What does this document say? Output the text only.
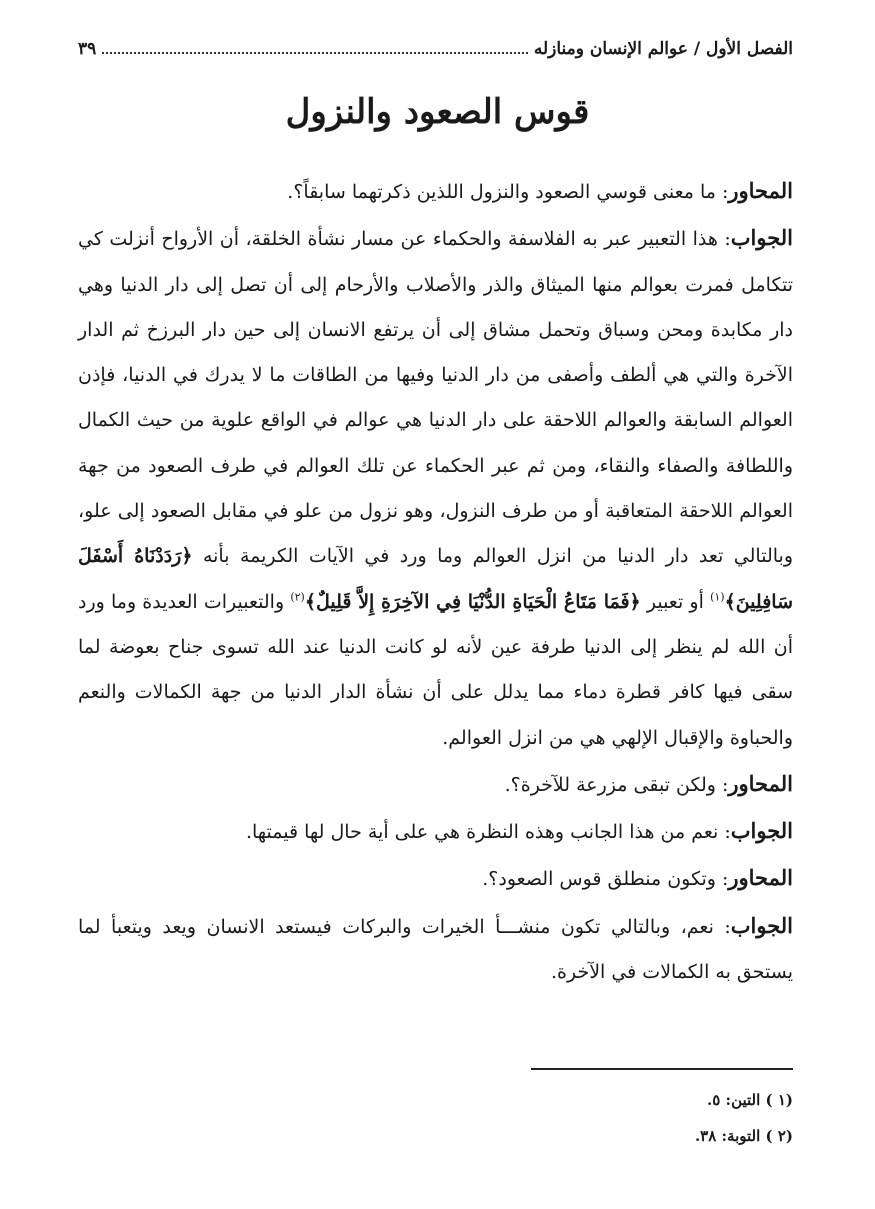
الفصل الأول / عوالم الإنسان ومنازله
٣٩
قوس الصعود والنزول

المحاور: ما معنى قوسي الصعود والنزول اللذين ذكرتهما سابقاً؟.

الجواب: هذا التعبير عبر به الفلاسفة والحكماء عن مسار نشأة الخلقة، أن الأرواح أنزلت كي تتكامل فمرت بعوالم منها الميثاق والذر والأصلاب والأرحام إلى أن تصل إلى دار الدنيا وهي دار مكابدة ومحن وسباق وتحمل مشاق إلى أن يرتفع الانسان إلى حين دار البرزخ ثم الدار الآخرة والتي هي ألطف وأصفى من دار الدنيا وفيها من الطاقات ما لا يدرك في الدنيا، فإذن العوالم السابقة والعوالم اللاحقة على دار الدنيا هي عوالم في الواقع علوية من حيث الكمال واللطافة والصفاء والنقاء، ومن ثم عبر الحكماء عن تلك العوالم في طرف الصعود من جهة العوالم اللاحقة المتعاقبة أو من طرف النزول، وهو نزول من علو في مقابل الصعود إلى علو، وبالتالي تعد دار الدنيا من انزل العوالم وما ورد في الآيات الكريمة بأنه ﴿رَدَدْنَاهُ أَسْفَلَ سَافِلِينَ﴾$^{(١)}$ أو تعبير ﴿فَمَا مَتَاعُ الْحَيَاةِ الدُّنْيَا فِي الآخِرَةِ إِلاَّ قَلِيلٌ﴾$^{(٢)}$ والتعبيرات العديدة وما ورد أن الله لم ينظر إلى الدنيا طرفة عين لأنه لو كانت الدنيا عند الله تسوى جناح بعوضة لما سقى فيها كافر قطرة دماء مما يدلل على أن نشأة الدار الدنيا من جهة الكمالات والنعم والحباوة والإقبال الإلهي هي من انزل العوالم.

المحاور: ولكن تبقى مزرعة للآخرة؟.

الجواب: نعم من هذا الجانب وهذه النظرة هي على أية حال لها قيمتها.

المحاور: وتكون منطلق قوس الصعود؟.

الجواب: نعم، وبالتالي تكون منشـــأ الخيرات والبركات فيستعد الانسان ويعد ويتعبأ لما يستحق به الكمالات في الآخرة.

(١ ) التين: ٥.
(٢ ) التوبة: ٣٨.
